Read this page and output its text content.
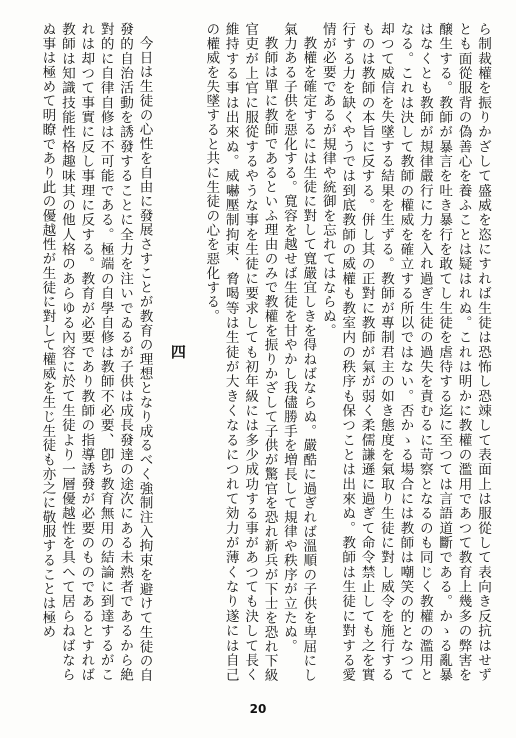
ら制裁權を振りかざして盛威を恣にすれば生徒は恐怖し恐竦して表面上は服從して表向き反抗はせずとも面從服背の偽善心を養ふことは疑はれぬ。これは明かに教權の濫用であつて教育上幾多の弊害を醸生する。教師が暴言を吐き暴行を敢てし生徒を虐待する迄に至つては言語道斷である。かゝる亂暴はなくとも教師が規律嚴行に力を入れ過ぎ生徒の過失を責むるに苛察となるのも同じく教權の濫用となる。これは決して教師の權威を確立する所以ではない。否かゝる場合には教師は嘲笑の的となつて却つて威信を失墜する結果を生ずる。教師が專制君主の如き態度を氣取り生徒に對し威令を施行するものは教師の本旨に反する。併し其の正對に教師が氣が弱く柔儒謙遜に過ぎて命令禁止しても之を實行する力を缺くやうでは到底教師の威權も教室内の秩序も保つことは出來ぬ。教師は生徒に對する愛情が必要であるが規律や統御を忘れてはならぬ。

教權を確定するには生徒に對して寬嚴宜しきを得ねばならぬ。嚴酷に過ぎれば溫順の子供を卑屈にし氣力ある子供を惡化する。寬容を越せば生徒を甘やかし我儘勝手を増長して規律や秩序が立たぬ。

教師は單に教師であるといふ理由のみで教權を振りかざして子供が驚官を恐れ新兵が下士を恐れ下級官吏が上官に服從するやうな事を生徒に要求しても初年級には多少成功する事があつても決して長く維持する事は出來ぬ。威嚇壓制拘束、脅喝等は生徒が大きくなるにつれて効力が薄くなり遂には自己の權威を失墜すると共に生徒の心を惡化する。

四

今日は生徒の心性を自由に發展さすことが教育の理想となり成るべく強制注入拘束を避けて生徒の自發的自治活動を誘發することに全力を注いでゐるが子供は成長發達の途次にある未熟者であるから絶對的に自律自修は不可能である。極端の自學自修は教師不必要、卽ち教育無用の結論に到達するがこれは却つて事實に反し事理に反する。教育が必要であり教師の指導誘發が必要のものであるとすれば教師は知識技能性格趣味其の他人格のあらゆる內容に於て生徒より一層優越性を具へて居らねばならぬ事は極めて明瞭であり此の優越性が生徒に對して權威を生じ生徒も亦之に敬服することは極め

20
